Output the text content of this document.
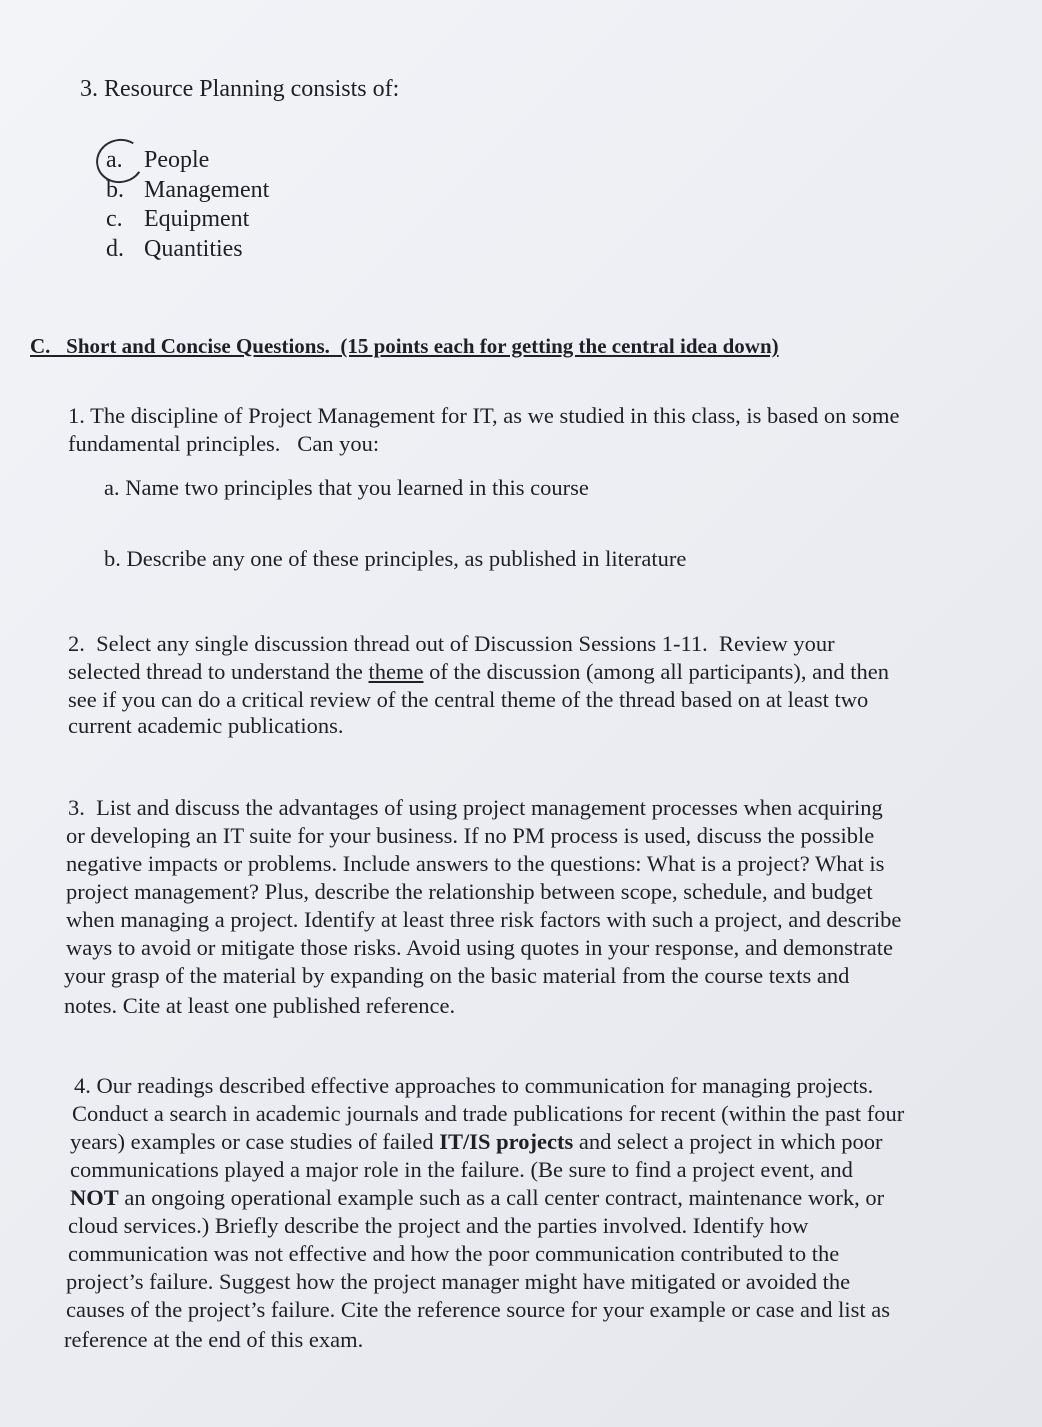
3. Resource Planning consists of:
a. People
b. Management
c. Equipment
d. Quantities
C.   Short and Concise Questions.  (15 points each for getting the central idea down)
1. The discipline of Project Management for IT, as we studied in this class, is based on some
fundamental principles.   Can you:
a. Name two principles that you learned in this course
b. Describe any one of these principles, as published in literature
2.  Select any single discussion thread out of Discussion Sessions 1-11.  Review your
selected thread to understand the theme of the discussion (among all participants), and then
see if you can do a critical review of the central theme of the thread based on at least two
current academic publications.
3.  List and discuss the advantages of using project management processes when acquiring
or developing an IT suite for your business. If no PM process is used, discuss the possible
negative impacts or problems. Include answers to the questions: What is a project? What is
project management? Plus, describe the relationship between scope, schedule, and budget
when managing a project. Identify at least three risk factors with such a project, and describe
ways to avoid or mitigate those risks. Avoid using quotes in your response, and demonstrate
your grasp of the material by expanding on the basic material from the course texts and
notes. Cite at least one published reference.
4. Our readings described effective approaches to communication for managing projects.
Conduct a search in academic journals and trade publications for recent (within the past four
years) examples or case studies of failed IT/IS projects and select a project in which poor
communications played a major role in the failure. (Be sure to find a project event, and
NOT an ongoing operational example such as a call center contract, maintenance work, or
cloud services.) Briefly describe the project and the parties involved. Identify how
communication was not effective and how the poor communication contributed to the
project’s failure. Suggest how the project manager might have mitigated or avoided the
causes of the project’s failure. Cite the reference source for your example or case and list as
reference at the end of this exam.
